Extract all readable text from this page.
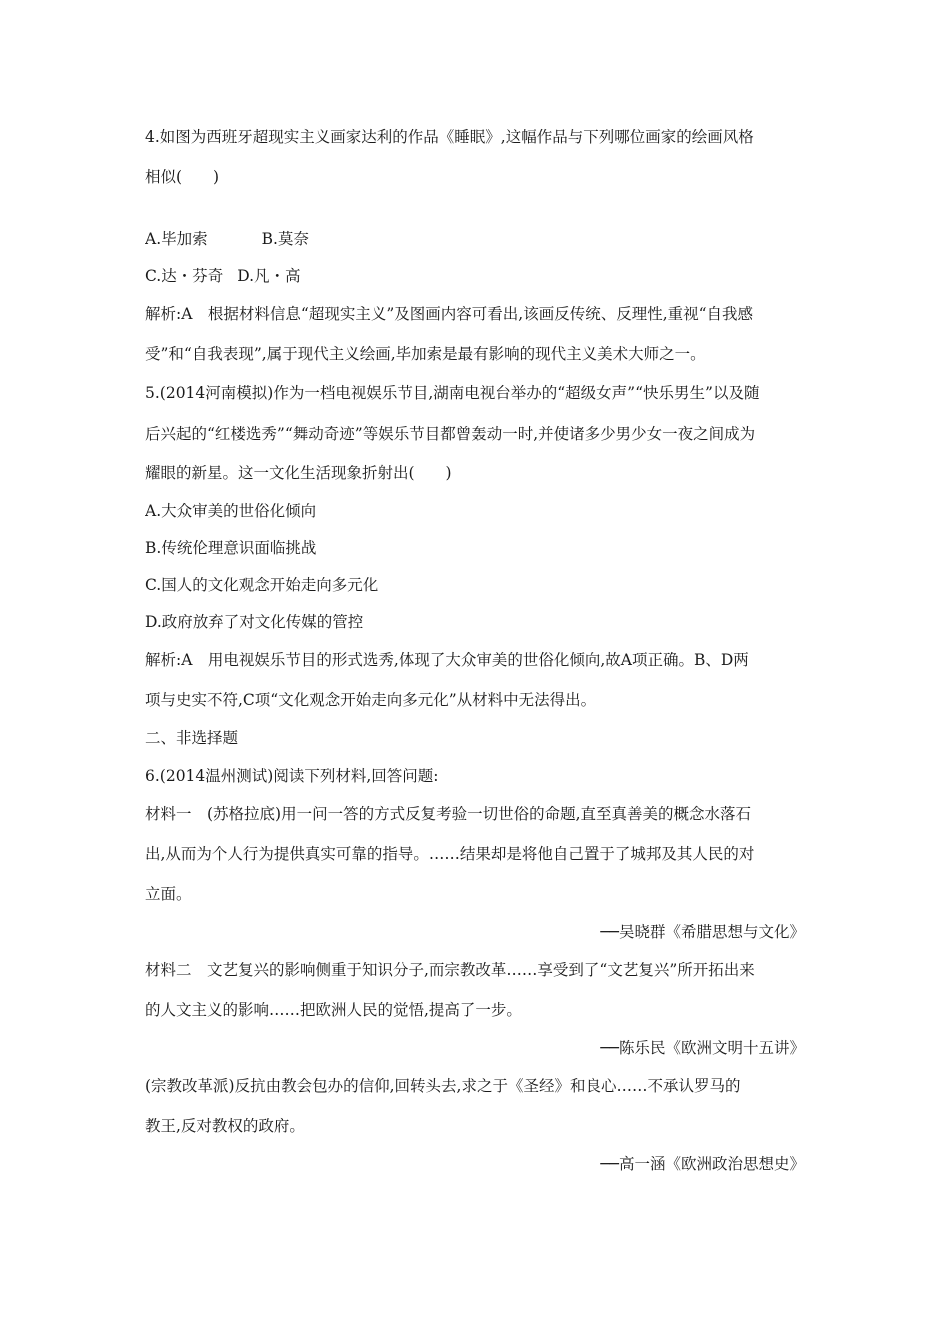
4.如图为西班牙超现实主义画家达利的作品《睡眠》,这幅作品与下列哪位画家的绘画风格
相似(　　)
A.毕加索	B.莫奈
C.达・芬奇 D.凡・高
解析:A　根据材料信息“超现实主义”及图画内容可看出,该画反传统、反理性,重视“自我感
受”和“自我表现”,属于现代主义绘画,毕加索是最有影响的现代主义美术大师之一。
5.(2014河南模拟)作为一档电视娱乐节目,湖南电视台举办的“超级女声”“快乐男生”以及随
后兴起的“红楼选秀”“舞动奇迹”等娱乐节目都曾轰动一时,并使诸多少男少女一夜之间成为
耀眼的新星。这一文化生活现象折射出(　　)
A.大众审美的世俗化倾向
B.传统伦理意识面临挑战
C.国人的文化观念开始走向多元化
D.政府放弃了对文化传媒的管控
解析:A　用电视娱乐节目的形式选秀,体现了大众审美的世俗化倾向,故A项正确。B、D两
项与史实不符,C项“文化观念开始走向多元化”从材料中无法得出。
二、非选择题
6.(2014温州测试)阅读下列材料,回答问题:
材料一　(苏格拉底)用一问一答的方式反复考验一切世俗的命题,直至真善美的概念水落石
出,从而为个人行为提供真实可靠的指导。……结果却是将他自己置于了城邦及其人民的对
立面。
──吴晓群《希腊思想与文化》
材料二　文艺复兴的影响侧重于知识分子,而宗教改革……享受到了“文艺复兴”所开拓出来
的人文主义的影响……把欧洲人民的觉悟,提高了一步。
──陈乐民《欧洲文明十五讲》
(宗教改革派)反抗由教会包办的信仰,回转头去,求之于《圣经》和良心……不承认罗马的
教王,反对教权的政府。
──高一涵《欧洲政治思想史》
